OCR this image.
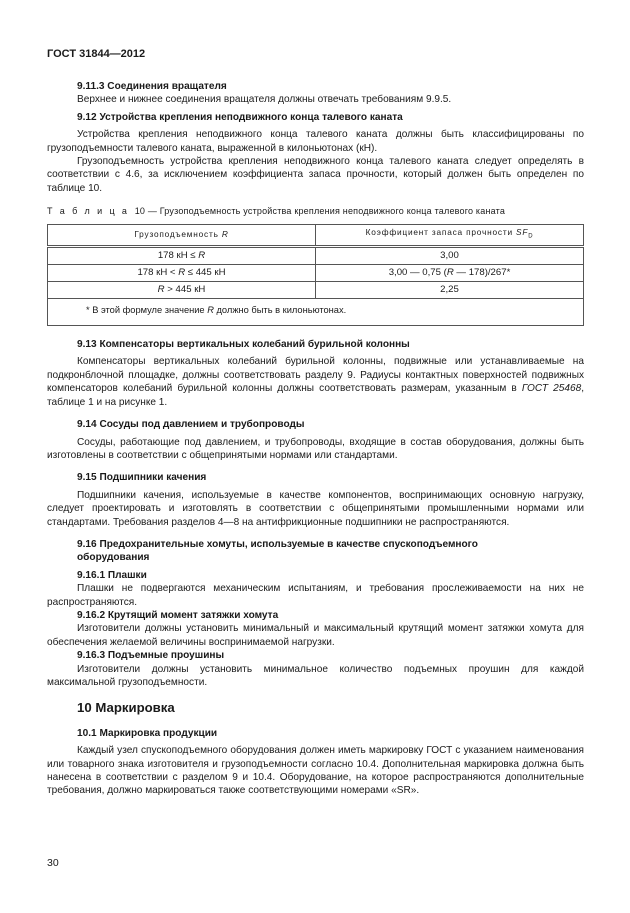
ГОСТ 31844—2012
9.11.3 Соединения вращателя

Верхнее и нижнее соединения вращателя должны отвечать требованиям 9.9.5.

9.12 Устройства крепления неподвижного конца талевого каната

Устройства крепления неподвижного конца талевого каната должны быть классифицированы по грузоподъемности талевого каната, выраженной в килоньютонах (кН).

Грузоподъемность устройства крепления неподвижного конца талевого каната следует определять в соответствии с 4.6, за исключением коэффициента запаса прочности, который должен быть определен по таблице 10.

Т а б л и ц а 10 — Грузоподъемность устройства крепления неподвижного конца талевого каната
Грузоподъемность R	Коэффициент запаса прочности $SF_D$
178 кН ≤ R	3,00
178 кН < R ≤ 445 кН	3,00 — 0,75 (R — 178)/267*
R > 445 кН	2,25
* В этой формуле значение R должно быть в килоньютонах.	
9.13 Компенсаторы вертикальных колебаний бурильной колонны

Компенсаторы вертикальных колебаний бурильной колонны, подвижные или устанавливаемые на подкронблочной площадке, должны соответствовать разделу 9. Радиусы контактных поверхностей подвижных компенсаторов колебаний бурильной колонны должны соответствовать размерам, указанным в ГОСТ 25468, таблице 1 и на рисунке 1.

9.14 Сосуды под давлением и трубопроводы

Сосуды, работающие под давлением, и трубопроводы, входящие в состав оборудования, должны быть изготовлены в соответствии с общепринятыми нормами или стандартами.

9.15 Подшипники качения

Подшипники качения, используемые в качестве компонентов, воспринимающих основную нагрузку, следует проектировать и изготовлять в соответствии с общепринятыми промышленными нормами или стандартами. Требования разделов 4—8 на антифрикционные подшипники не распространяются.

9.16 Предохранительные хомуты, используемые в качестве спускоподъемного
оборудования
9.16.1 Плашки

Плашки не подвергаются механическим испытаниям, и требования прослеживаемости на них не распространяются.

9.16.2 Крутящий момент затяжки хомута

Изготовители должны установить минимальный и максимальный крутящий момент затяжки хомута для обеспечения желаемой величины воспринимаемой нагрузки.

9.16.3 Подъемные проушины

Изготовители должны установить минимальное количество подъемных проушин для каждой максимальной грузоподъемности.

10 Маркировка
10.1 Маркировка продукции

Каждый узел спускоподъемного оборудования должен иметь маркировку ГОСТ с указанием наименования или товарного знака изготовителя и грузоподъемности согласно 10.4. Дополнительная маркировка должна быть нанесена в соответствии с разделом 9 и 10.4. Оборудование, на которое распространяются дополнительные требования, должно маркироваться также соответствующими номерами «SR».

30
